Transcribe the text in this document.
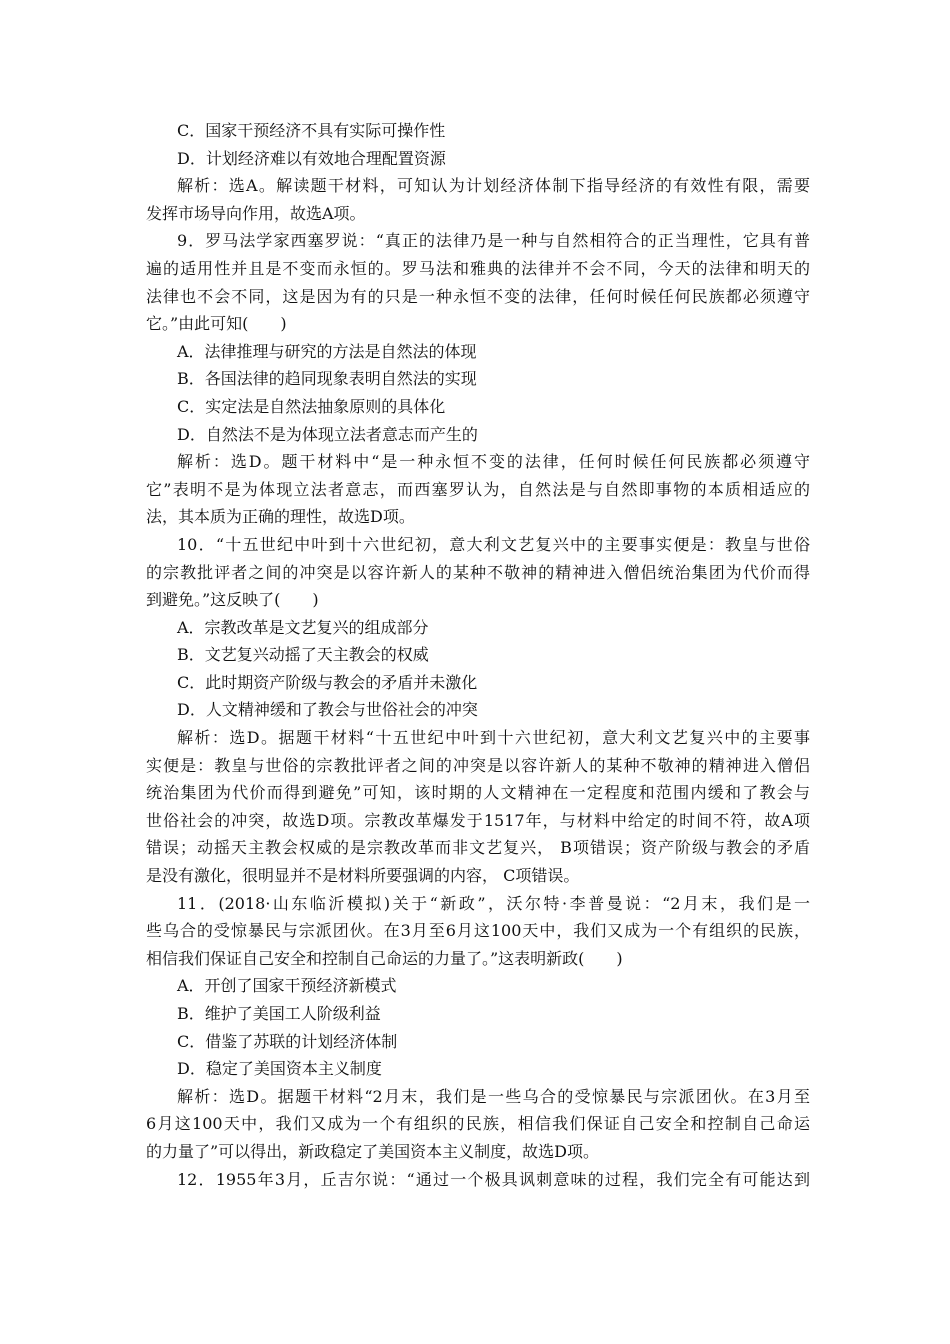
C．国家干预经济不具有实际可操作性
D．计划经济难以有效地合理配置资源
解析：选A。解读题干材料，可知认为计划经济体制下指导经济的有效性有限，需要
发挥市场导向作用，故选A项。
9．罗马法学家西塞罗说：“真正的法律乃是一种与自然相符合的正当理性，它具有普
遍的适用性并且是不变而永恒的。罗马法和雅典的法律并不会不同，今天的法律和明天的
法律也不会不同，这是因为有的只是一种永恒不变的法律，任何时候任何民族都必须遵守
它。”由此可知(　　)
A．法律推理与研究的方法是自然法的体现
B．各国法律的趋同现象表明自然法的实现
C．实定法是自然法抽象原则的具体化
D．自然法不是为体现立法者意志而产生的
解析：选D。题干材料中“是一种永恒不变的法律，任何时候任何民族都必须遵守
它”表明不是为体现立法者意志，而西塞罗认为，自然法是与自然即事物的本质相适应的
法，其本质为正确的理性，故选D项。
10．“十五世纪中叶到十六世纪初，意大利文艺复兴中的主要事实便是：教皇与世俗
的宗教批评者之间的冲突是以容许新人的某种不敬神的精神进入僧侣统治集团为代价而得
到避免。”这反映了(　　)
A．宗教改革是文艺复兴的组成部分
B．文艺复兴动摇了天主教会的权威
C．此时期资产阶级与教会的矛盾并未激化
D．人文精神缓和了教会与世俗社会的冲突
解析：选D。据题干材料“十五世纪中叶到十六世纪初，意大利文艺复兴中的主要事
实便是：教皇与世俗的宗教批评者之间的冲突是以容许新人的某种不敬神的精神进入僧侣
统治集团为代价而得到避免”可知，该时期的人文精神在一定程度和范围内缓和了教会与
世俗社会的冲突，故选D项。宗教改革爆发于1517年，与材料中给定的时间不符，故A项
错误；动摇天主教会权威的是宗教改革而非文艺复兴， B项错误；资产阶级与教会的矛盾
是没有激化，很明显并不是材料所要强调的内容， C项错误。
11．(2018·山东临沂模拟)关于“新政”，沃尔特·李普曼说：“2月末，我们是一
些乌合的受惊暴民与宗派团伙。在3月至6月这100天中，我们又成为一个有组织的民族，
相信我们保证自己安全和控制自己命运的力量了。”这表明新政(　　)
A．开创了国家干预经济新模式
B．维护了美国工人阶级利益
C．借鉴了苏联的计划经济体制
D．稳定了美国资本主义制度
解析：选D。据题干材料“2月末，我们是一些乌合的受惊暴民与宗派团伙。在3月至
6月这100天中，我们又成为一个有组织的民族，相信我们保证自己安全和控制自己命运
的力量了”可以得出，新政稳定了美国资本主义制度，故选D项。
12．1955年3月，丘吉尔说：“通过一个极具讽刺意味的过程，我们完全有可能达到
